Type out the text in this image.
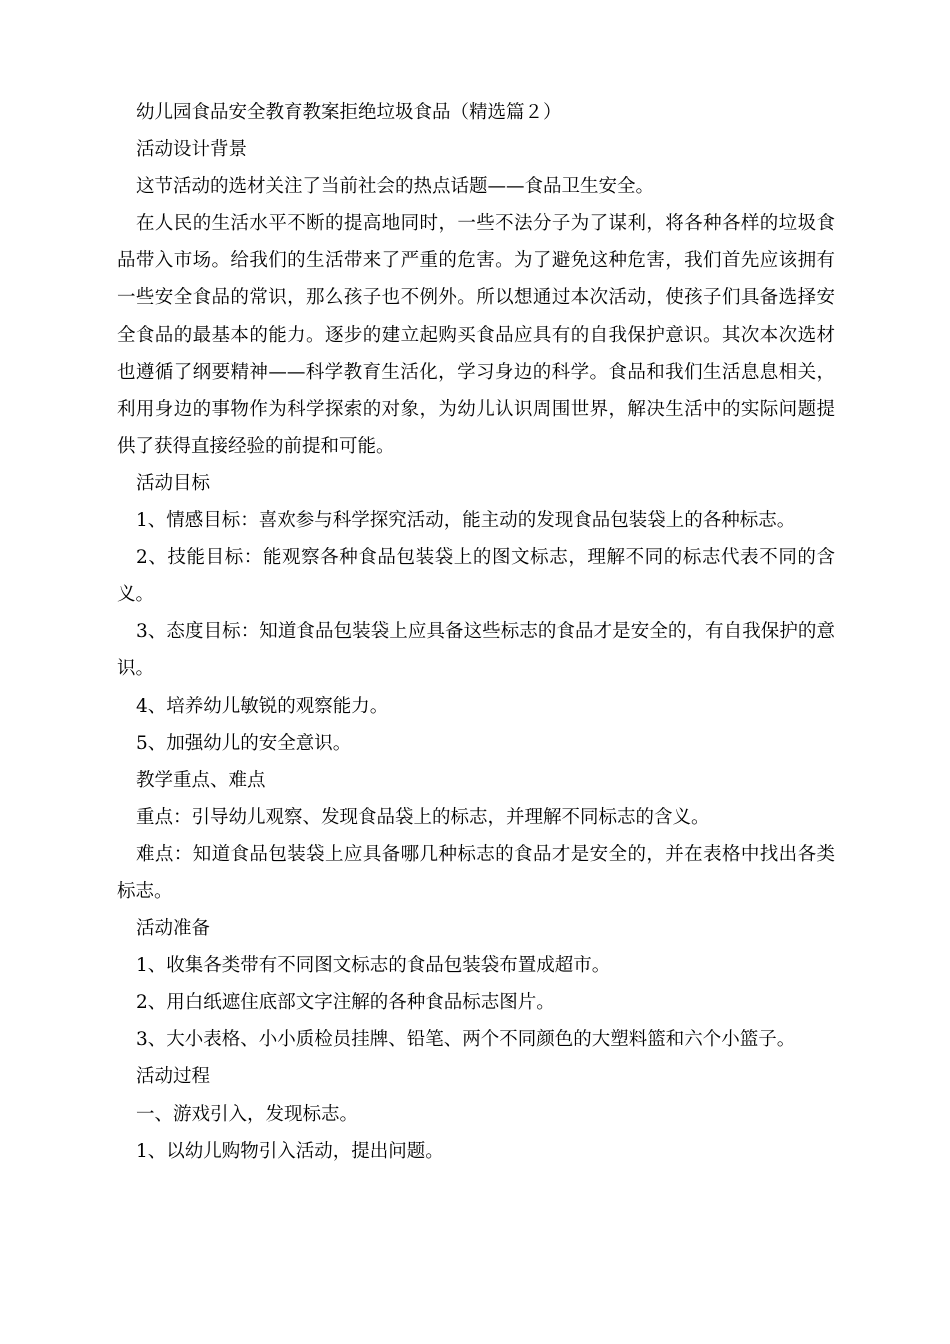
幼儿园食品安全教育教案拒绝垃圾食品（精选篇２）

活动设计背景

这节活动的选材关注了当前社会的热点话题——食品卫生安全。

在人民的生活水平不断的提高地同时，一些不法分子为了谋利，将各种各样的垃圾食品带入市场。给我们的生活带来了严重的危害。为了避免这种危害，我们首先应该拥有一些安全食品的常识，那么孩子也不例外。所以想通过本次活动，使孩子们具备选择安全食品的最基本的能力。逐步的建立起购买食品应具有的自我保护意识。其次本次选材也遵循了纲要精神——科学教育生活化，学习身边的科学。食品和我们生活息息相关，利用身边的事物作为科学探索的对象，为幼儿认识周围世界，解决生活中的实际问题提供了获得直接经验的前提和可能。

活动目标

1、情感目标：喜欢参与科学探究活动，能主动的发现食品包装袋上的各种标志。

2、技能目标：能观察各种食品包装袋上的图文标志，理解不同的标志代表不同的含义。

3、态度目标：知道食品包装袋上应具备这些标志的食品才是安全的，有自我保护的意识。

4、培养幼儿敏锐的观察能力。

5、加强幼儿的安全意识。

教学重点、难点

重点：引导幼儿观察、发现食品袋上的标志，并理解不同标志的含义。

难点：知道食品包装袋上应具备哪几种标志的食品才是安全的，并在表格中找出各类标志。

活动准备

1、收集各类带有不同图文标志的食品包装袋布置成超市。

2、用白纸遮住底部文字注解的各种食品标志图片。

3、大小表格、小小质检员挂牌、铅笔、两个不同颜色的大塑料篮和六个小篮子。

活动过程

一、游戏引入，发现标志。

1、以幼儿购物引入活动，提出问题。
